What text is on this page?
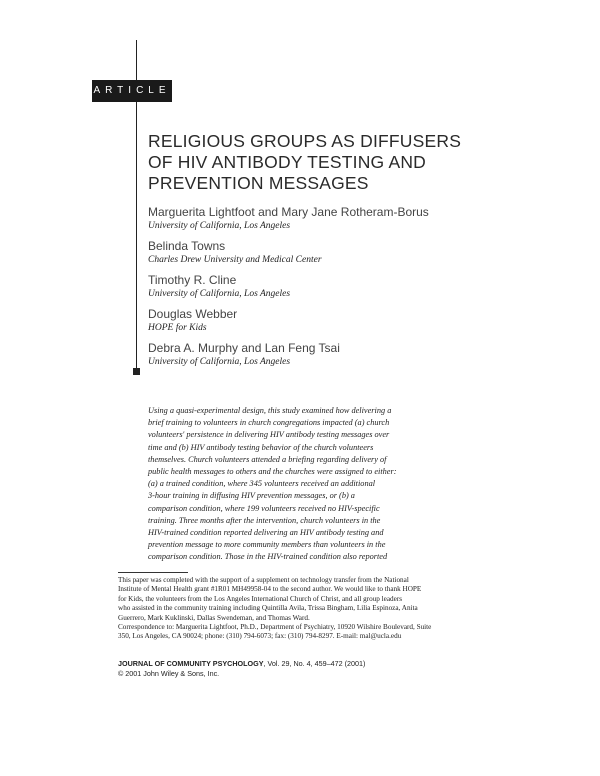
ARTICLE
RELIGIOUS GROUPS AS DIFFUSERS
OF HIV ANTIBODY TESTING AND
PREVENTION MESSAGES
Marguerita Lightfoot and Mary Jane Rotheram-Borus
University of California, Los Angeles
Belinda Towns
Charles Drew University and Medical Center
Timothy R. Cline
University of California, Los Angeles
Douglas Webber
HOPE for Kids
Debra A. Murphy and Lan Feng Tsai
University of California, Los Angeles
Using a quasi-experimental design, this study examined how delivering a
brief training to volunteers in church congregations impacted (a) church
volunteers' persistence in delivering HIV antibody testing messages over
time and (b) HIV antibody testing behavior of the church volunteers
themselves. Church volunteers attended a briefing regarding delivery of
public health messages to others and the churches were assigned to either:
(a) a trained condition, where 345 volunteers received an additional
3-hour training in diffusing HIV prevention messages, or (b) a
comparison condition, where 199 volunteers received no HIV-specific
training. Three months after the intervention, church volunteers in the
HIV-trained condition reported delivering an HIV antibody testing and
prevention message to more community members than volunteers in the
comparison condition. Those in the HIV-trained condition also reported
This paper was completed with the support of a supplement on technology transfer from the National
Institute of Mental Health grant #1R01 MH49958-04 to the second author. We would like to thank HOPE
for Kids, the volunteers from the Los Angeles International Church of Christ, and all group leaders
who assisted in the community training including Quintilla Avila, Trissa Bingham, Lilia Espinoza, Anita
Guerrero, Mark Kuklinski, Dallas Swendeman, and Thomas Ward.
Correspondence to: Marguerita Lightfoot, Ph.D., Department of Psychiatry, 10920 Wilshire Boulevard, Suite
350, Los Angeles, CA 90024; phone: (310) 794-6073; fax: (310) 794-8297. E-mail: mal@ucla.edu
JOURNAL OF COMMUNITY PSYCHOLOGY, Vol. 29, No. 4, 459–472 (2001)
© 2001 John Wiley & Sons, Inc.
